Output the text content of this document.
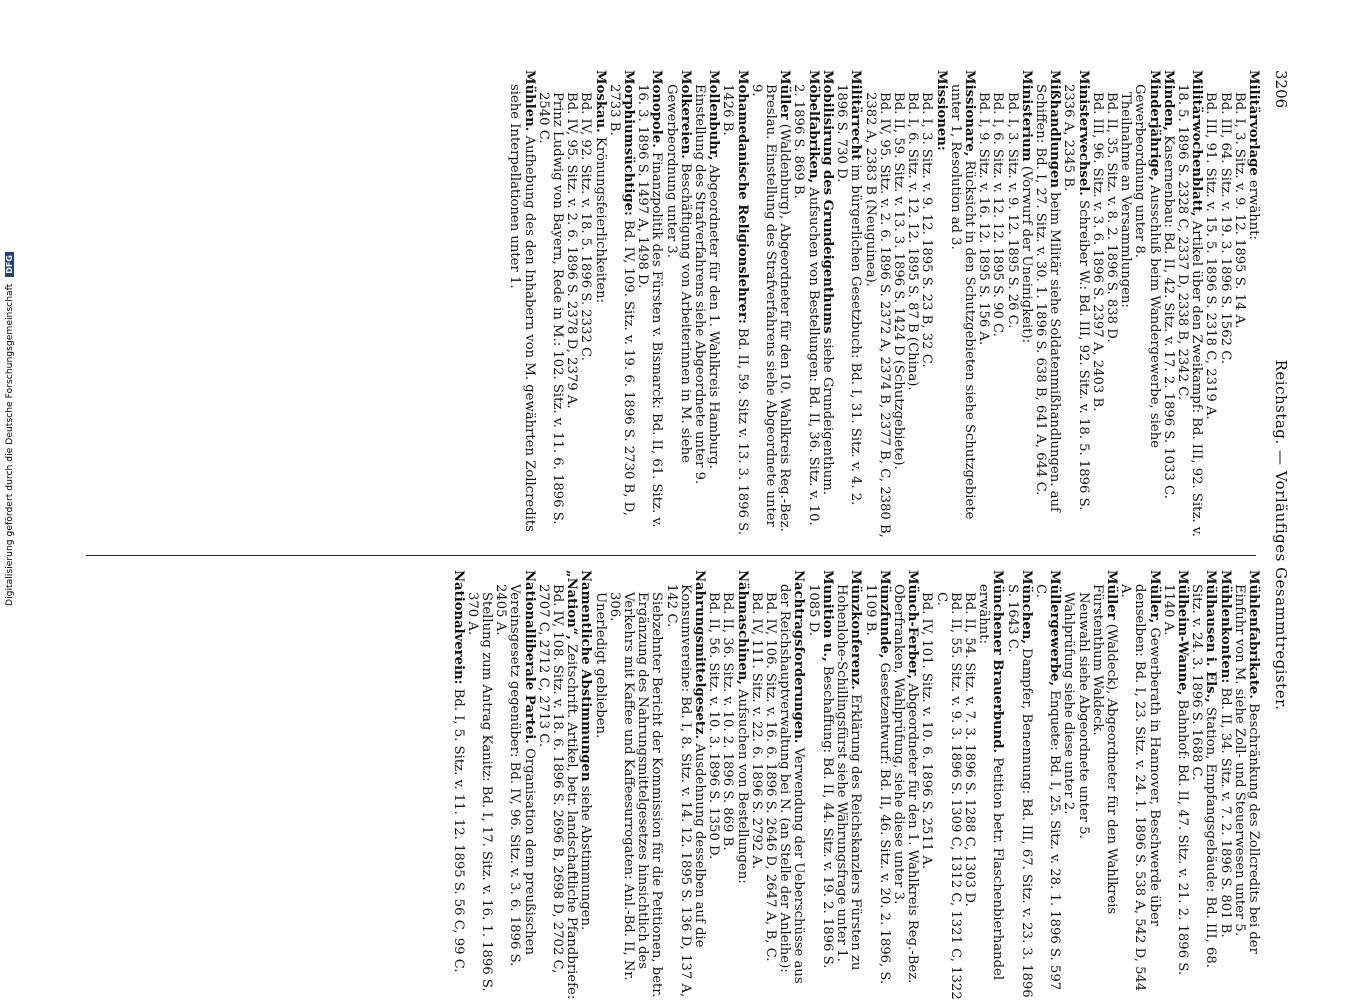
3206
Reichstag. — Vorläufiges Gesammtregister.
Militärvorlage erwähnt:
Bd. I, 3. Sitz. v. 9. 12. 1895 S. 14 A.
Bd. III, 64. Sitz. v. 19. 3. 1896 S. 1562 C.
Bd. III, 91. Sitz. v. 15. 5. 1896 S. 2318 C, 2319 A.
Militärwochenblatt, Artikel über den Zweikampf: Bd. III, 92. Sitz. v. 18. 5. 1896 S. 2328 C, 2337 D, 2338 B, 2342 C.
Minden, Kasernenbau: Bd. II, 42. Sitz. v. 17. 2. 1896 S. 1033 C.
Minderjährige, Ausschluß beim Wandergewerbe, siehe Gewerbeordnung unter 8.
Theilnahme an Versammlungen:
Bd. II, 35. Sitz. v. 8. 2. 1896 S. 838 D.
Bd. III, 96. Sitz. v. 3. 6. 1896 S. 2397 A, 2403 B.
Ministerwechsel. Schreiber W.: Bd. III, 92. Sitz. v. 18. 5. 1896 S. 2336 A, 2345 B.
Mißhandlungen beim Militär siehe Soldatenmißhandlungen. auf Schiffen: Bd. I, 27. Sitz. v. 30. 1. 1896 S. 638 B, 641 A, 644 C.
Ministerium (Vorwurf der Uneinigkeit):
Bd. I, 3. Sitz. v. 9. 12. 1895 S. 26 C.
Bd. I, 6. Sitz. v. 12. 12. 1895 S. 90 C.
Bd. I, 9. Sitz. v. 16. 12. 1895 S. 156 A.
Missionare, Rücksicht in den Schutzgebieten siehe Schutzgebiete unter 1, Resolution ad 3.
Missionen:
Bd. I, 3. Sitz. v. 9. 12. 1895 S. 23 B, 32 C.
Bd. I, 6. Sitz. v. 12. 12. 1895 S. 87 B (China).
Bd. II, 59. Sitz. v. 13. 3. 1896 S. 1424 D (Schutzgebiete).
Bd. IV, 95. Sitz. v. 2. 6. 1896 S. 2372 A, 2374 B, 2377 B, C, 2380 B, 2382 A, 2383 B (Neuguinea).
Militärrecht im bürgerlichen Gesetzbuch: Bd. I, 31. Sitz. v. 4. 2. 1896 S. 730 D.
Mobilisirung des Grundeigenthums siehe Grundeigenthum.
Möbelfabriken, Aufsuchen von Bestellungen: Bd. II, 36. Sitz. v. 10. 2. 1896 S. 869 B.
Müller (Waldenburg), Abgeordneter für den 10. Wahlkreis Reg.-Bez. Breslau. Einstellung des Strafverfahrens siehe Abgeordnete unter 9.
Mohamedanische Religionslehrer: Bd. II, 59. Sitz v. 13. 3. 1896 S. 1426 B.
Mollenbuhr, Abgeordneter für den 1. Wahlkreis Hamburg. Einstellung des Strafverfahrens siehe Abgeordnete unter 9.
Molkereien. Beschäftigung von Arbeiterinnen in M. siehe Gewerbeordnung unter 3.
Monopole. Finanzpolitik des Fürsten v. Bismarck: Bd. II, 61. Sitz. v. 16. 3. 1896 S. 1497 A, 1498 D.
Morphiumsüchtige: Bd. IV, 109. Sitz. v. 19. 6. 1896 S. 2730 B, D, 2733 B.
Moskau. Krönungsfeierlichkeiten:
Bd. IV, 92. Sitz. v. 18. 5. 1896 S. 2332 C.
Bd. IV, 95. Sitz. v. 2. 6. 1896 S. 2378 D, 2379 A.
Prinz Ludwig von Bayern, Rede in M.: 102. Sitz. v. 11. 6. 1896 S. 2540 C.
Mühlen. Aufhebung des den Inhabern von M. gewährten Zollcredits siehe Interpellationen unter 1.
Mühlenfabrikate. Beschränkung des Zollcredits bei der Einfuhr von M. siehe Zoll- und Steuerwesen unter 5.
Mühlenkonten: Bd. II, 34. Sitz. v. 7. 2. 1896 S. 801 B.
Mülhausen i. Els., Station, Empfangsgebäude: Bd. III, 68. Sitz. v. 24. 3. 1896 S. 1688 C.
Mülheim-Wanne, Bahnhof: Bd. II, 47. Sitz. v. 21. 2. 1896 S. 1140 A.
Müller, Gewerberath in Hannover, Beschwerde über denselben: Bd. I, 23. Sitz. v. 24. 1. 1896 S. 538 A, 542 D, 544 A.
Müller (Waldeck), Abgeordneter für den Wahlkreis Fürstenthum Waldeck.
Neuwahl siehe Abgeordnete unter 5.
Wahlprüfung siehe diese unter 2.
Müllergewerbe, Enquete: Bd. I, 25. Sitz. v. 28. 1. 1896 S. 597 C.
München, Dampfer, Benennung: Bd. III, 67. Sitz. v. 23. 3. 1896 S. 1643 C.
Münchener Brauerbund. Petition betr. Flaschenbierhandel erwähnt:
Bd. II, 54. Sitz. v. 7. 3. 1896 S. 1288 C, 1303 D.
Bd. II, 55. Sitz. v. 9. 3. 1896 S. 1309 C, 1312 C, 1321 C, 1322 C.
Bd. IV, 101. Sitz. v. 10. 6. 1896 S. 2511 A.
Münch-Ferber, Abgeordneter für den 1. Wahlkreis Reg.-Bez. Oberfranken, Wahlprüfung, siehe diese unter 3.
Münzfunde, Gesetzentwurf: Bd. II, 46. Sitz. v. 20. 2. 1896, S. 1109 B.
Münzkonferenz. Erklärung des Reichskanzlers Fürsten zu Hohenlohe-Schillingsfürst siehe Währungsfrage unter 1.
Munition u., Beschaffung: Bd. II, 44. Sitz. v. 19. 2. 1896 S. 1085 D.
Nachtragsforderungen. Verwendung der Ueberschüsse aus der Reichshauptverwaltung bei N. (an Stelle der Anleihe):
Bd. IV, 106. Sitz. v. 16. 6. 1896 S. 2646 D, 2647 A, B, C.
Bd. IV, 111. Sitz. v. 22. 6. 1896 S. 2792 A.
Nähmaschinen, Aufsuchen von Bestellungen:
Bd. II, 36. Sitz. v. 10. 2. 1896 S. 869 B.
Bd. II, 56. Sitz. v. 10. 3. 1896 S. 1350 D.
Nahrungsmittelgesetz. Ausdehnung desselben auf die Konsumvereine: Bd. I, 8. Sitz. v. 14. 12. 1895 S. 136 D, 137 A, 142 C.
Siebzehnter Bericht der Kommission für die Petitionen, betr. Ergänzung des Nahrungsmittelgesetzes hinsichtlich des Verkehrs mit Kaffee und Kaffeesurrogaten: Anl.-Bd. II, Nr. 306.
Unerledigt geblieben.
Namentliche Abstimmungen siehe Abstimmungen.
„Nation“, Zeitschrift. Artikel, betr. landschaftliche Pfandbriefe: Bd. IV, 108. Sitz. v. 18. 6. 1896 S. 2696 B, 2698 D, 2702 C, 2707 C, 2712 C, 2713 C.
Nationalliberale Partei. Organisation dem preußischen Vereinsgesetz gegenüber: Bd. IV, 96. Sitz. v. 3. 6. 1896 S. 2405 A.
Stellung zum Antrag Kanitz: Bd. I, 17. Sitz. v. 16. 1. 1896 S. 370 A.
Nationalverein: Bd. I, 5. Sitz. v. 11. 12. 1895 S. 56 C, 99 C.
Digitalisierung gefördert durch die Deutsche Forschungsgemeinschaft DFG
